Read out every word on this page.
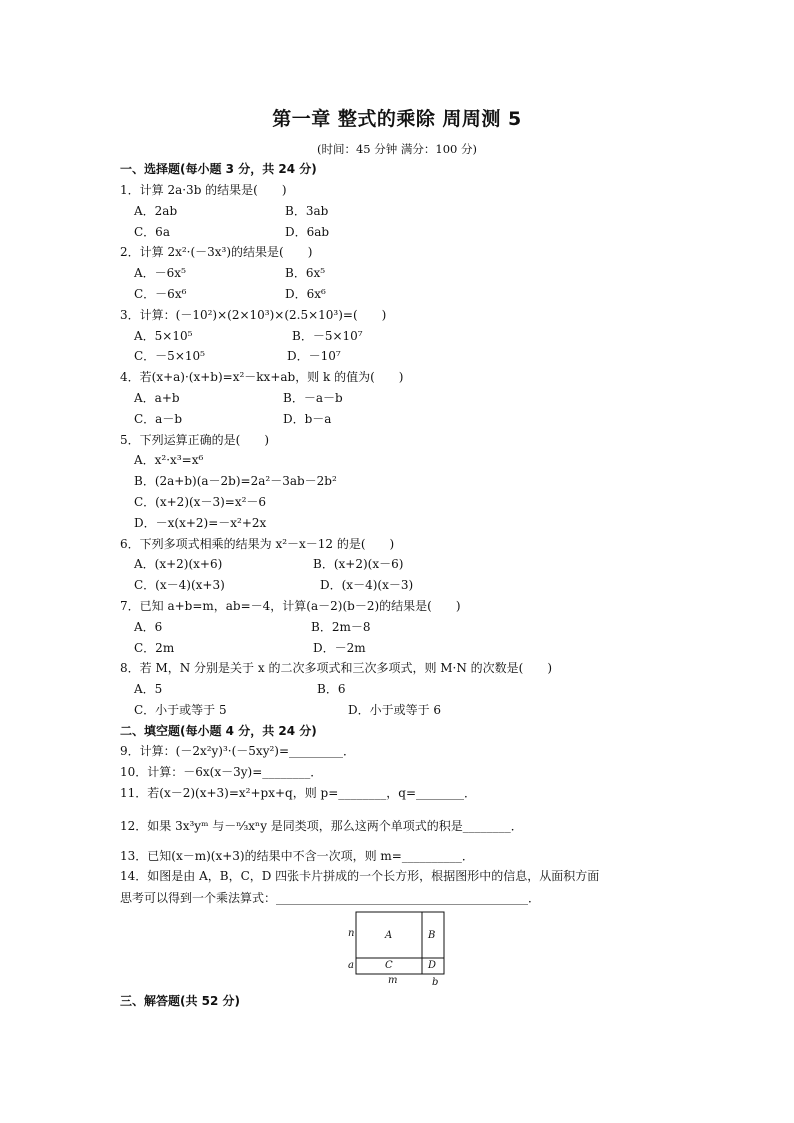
第一章 整式的乘除 周周测 5
(时间：45 分钟 满分：100 分)
一、选择题(每小题 3 分，共 24 分)
1．计算 2a·3b 的结果是(　　)
A．2ab	B．3ab
C．6a	D．6ab
2．计算 2x²·(－3x³)的结果是(　　)
A．－6x⁵	B．6x⁵
C．－6x⁶	D．6x⁶
3．计算：(－10²)×(2×10³)×(2.5×10³)=(　　)
A．5×10⁵	B．－5×10⁷
C．－5×10⁵	D．－10⁷
4．若(x+a)·(x+b)=x²－kx+ab，则 k 的值为(　　)
A．a+b	B．－a－b
C．a－b	D．b－a
5．下列运算正确的是(　　)
A．x²·x³=x⁶
B．(2a+b)(a－2b)=2a²－3ab－2b²
C．(x+2)(x－3)=x²－6
D．－x(x+2)=－x²+2x
6．下列多项式相乘的结果为 x²－x－12 的是(　　)
A．(x+2)(x+6)	B．(x+2)(x－6)
C．(x－4)(x+3)	D．(x－4)(x－3)
7．已知 a+b=m，ab=－4，计算(a－2)(b－2)的结果是(　　)
A．6	B．2m－8
C．2m	D．－2m
8．若 M，N 分别是关于 x 的二次多项式和三次多项式，则 M·N 的次数是(　　)
A．5	B．6
C．小于或等于 5	D．小于或等于 6
二、填空题(每小题 4 分，共 24 分)
9．计算：(－2x²y)³·(－5xy²)=_________．
10．计算：－6x(x－3y)=________．
11．若(x－2)(x+3)=x²+px+q，则 p=________，q=________．
12．如果 3x³yᵐ 与－ⁿ⁄₃xⁿy 是同类项，那么这两个单项式的积是________．
13．已知(x－m)(x+3)的结果中不含一次项，则 m=__________．
14．如图是由 A，B，C，D 四张卡片拼成的一个长方形，根据图形中的信息，从面积方面
思考可以得到一个乘法算式：__________________________________________．
A	B
C	D
n
a
m	b
三、解答题(共 52 分)
